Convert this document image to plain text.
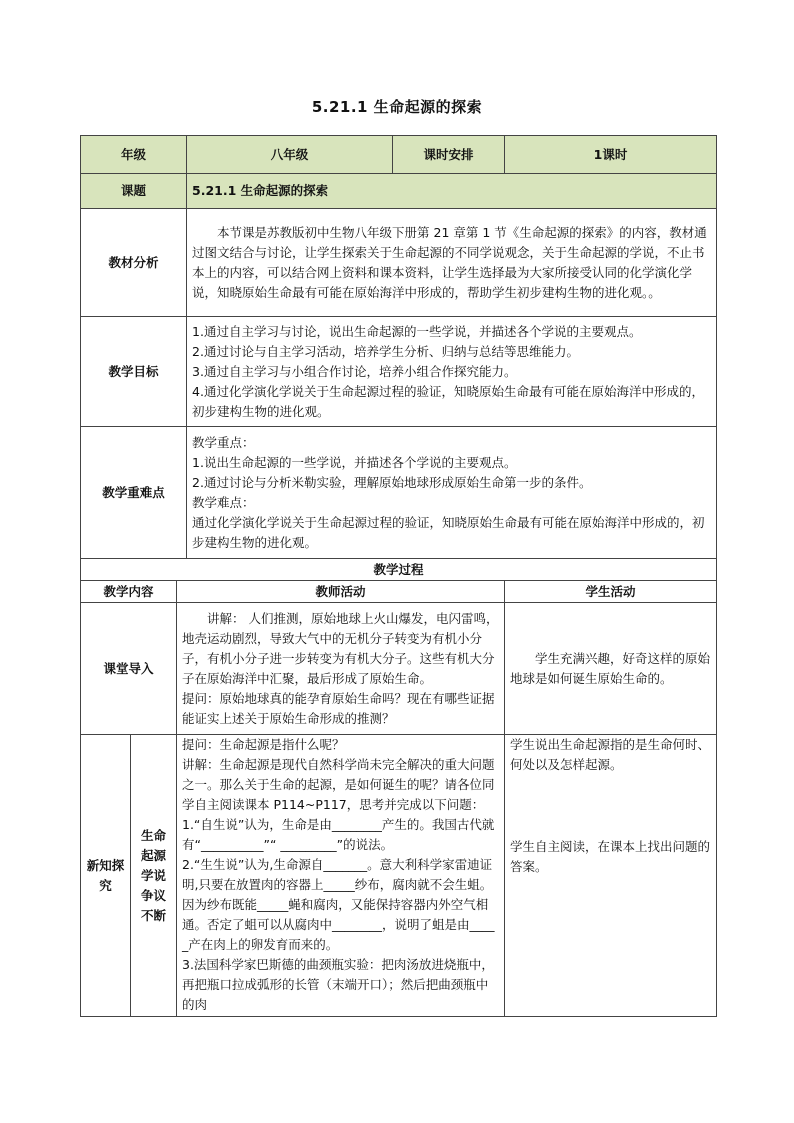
5.21.1 生命起源的探索
年级			八年级	课时安排	1课时
课题			5.21.1 生命起源的探索		
教材分析			本节课是苏教版初中生物八年级下册第 21 章第 1 节《生命起源的探索》的内容，教材通过图文结合与讨论，让学生探索关于生命起源的不同学说观念，关于生命起源的学说，不止书本上的内容，可以结合网上资料和课本资料，让学生选择最为大家所接受认同的化学演化学说，知晓原始生命最有可能在原始海洋中形成的，帮助学生初步建构生物的进化观。。		
教学目标			1.通过自主学习与讨论，说出生命起源的一些学说，并描述各个学说的主要观点。
2.通过讨论与自主学习活动，培养学生分析、归纳与总结等思维能力。
3.通过自主学习与小组合作讨论，培养小组合作探究能力。
4.通过化学演化学说关于生命起源过程的验证，知晓原始生命最有可能在原始海洋中形成的，初步建构生物的进化观。		

教学重难点			教学重点：
1.说出生命起源的一些学说，并描述各个学说的主要观点。
2.通过讨论与分析米勒实验，理解原始地球形成原始生命第一步的条件。
教学难点：
通过化学演化学说关于生命起源过程的验证，知晓原始生命最有可能在原始海洋中形成的，初步建构生物的进化观。		

教学过程					
教学内容		教师活动			学生活动
课堂导入		讲解： 人们推测，原始地球上火山爆发，电闪雷鸣，地壳运动剧烈，导致大气中的无机分子转变为有机小分子，有机小分子进一步转变为有机大分子。这些有机大分子在原始海洋中汇聚，最后形成了原始生命。
提问：原始地球真的能孕育原始生命吗？现在有哪些证据能证实上述关于原始生命形成的推测？			学生充满兴趣，好奇这样的原始地球是如何诞生原始生命的。
新知探究	生命起源学说争议不断	提问：生命起源是指什么呢？
讲解：生命起源是现代自然科学尚未完全解决的重大问题之一。那么关于生命的起源，是如何诞生的呢？请各位同学自主阅读课本 P114~P117，思考并完成以下问题：
1.“自生说”认为，生命是由________产生的。我国古代就有“__________”“ _________”的说法。
2.“生生说”认为,生命源自_______。意大利科学家雷迪证明,只要在放置肉的容器上_____纱布，腐肉就不会生蛆。因为纱布既能_____蝇和腐肉，又能保持容器内外空气相通。否定了蛆可以从腐肉中________，说明了蛆是由_____产在肉上的卵发育而来的。
3.法国科学家巴斯德的曲颈瓶实验：把肉汤放进烧瓶中，再把瓶口拉成弧形的长管（末端开口）；然后把曲颈瓶中的肉			学生说出生命起源指的是生命何时、何处以及怎样起源。
学生自主阅读，在课本上找出问题的答案。
